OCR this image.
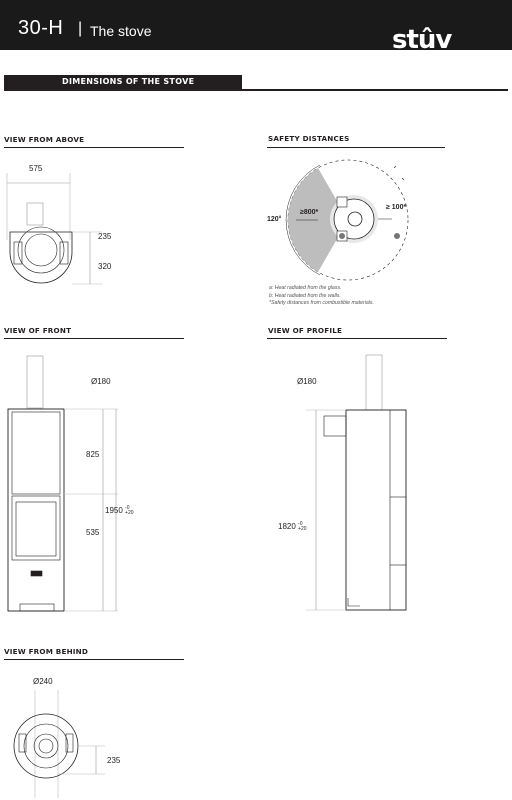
30-H | The stove
DIMENSIONS OF THE STOVE
VIEW FROM ABOVE	SAFETY DISTANCES
VIEW OF FRONT	VIEW OF PROFILE
VIEW FROM BEHIND
stûv
575
235
320
120°
≥800*
≥ 100*
a: Heat radiated from the glass.
b: Heat radiated from the walls.
*Safety distances from combustible materials.
Ø180
825
535
1950 -0
+20
Ø180
1820 -0
+20
Ø240
235
